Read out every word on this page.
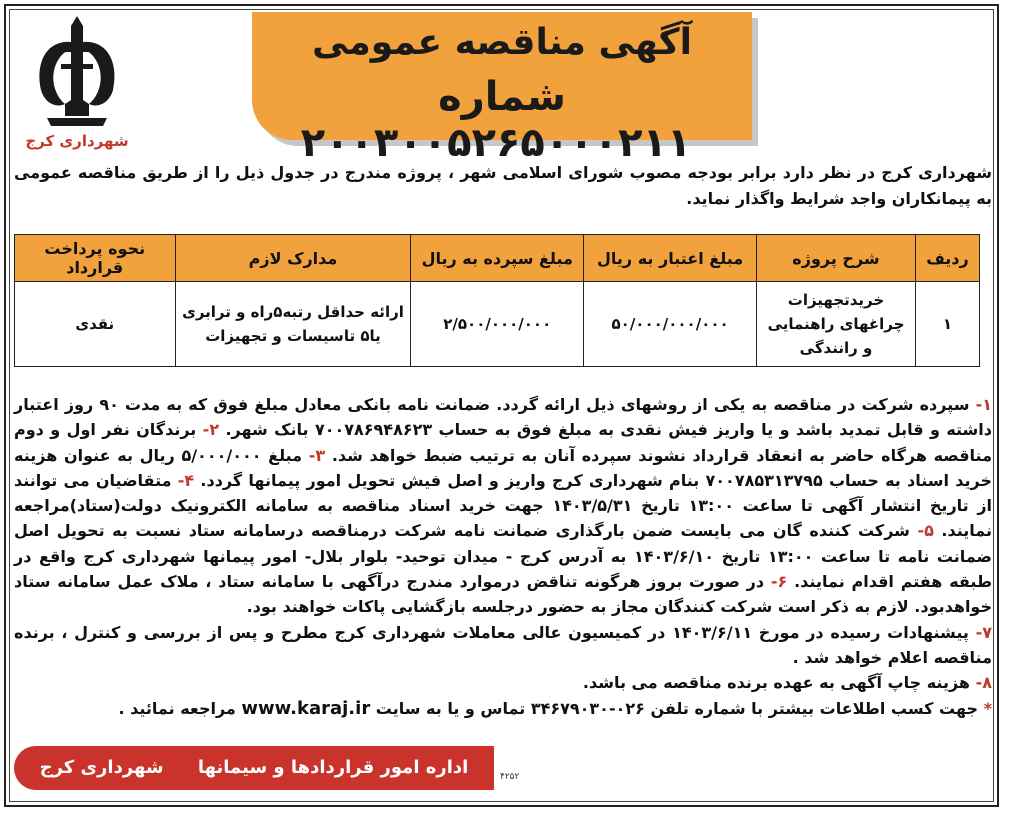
شهرداری کرج
آگهی مناقصه عمومی
شماره ۲۰۰۳۰۰۵۲۶۵۰۰۰۲۱۱
شهرداری کرج در نظر دارد برابر بودجه مصوب شورای اسلامی شهر ، پروژه مندرج در جدول ذیل را از طریق مناقصه عمومی به پیمانکاران واجد شرایط واگذار نماید.
ردیف	شرح پروژه	مبلغ اعتبار به ریال	مبلغ سپرده به ریال	مدارک لازم	نحوه پرداخت قرارداد
۱	خریدتجهیزات چراغهای راهنمایی و رانندگی	۵۰/۰۰۰/۰۰۰/۰۰۰	۲/۵۰۰/۰۰۰/۰۰۰	ارائه حداقل رتبه۵راه و ترابری یا۵ تاسیسات و تجهیزات	نقدی

۱- سپرده شرکت در مناقصه به یکی از روشهای ذیل ارائه گردد. ضمانت نامه بانکی معادل مبلغ فوق که به مدت ۹۰ روز اعتبار داشته و قابل تمدید باشد و یا واریز فیش نقدی به مبلغ فوق به حساب ۷۰۰۷۸۶۹۴۸۶۲۳ بانک شهر. ۲- برندگان نفر اول و دوم مناقصه هرگاه حاضر به انعقاد قرارداد نشوند سپرده آنان به ترتیب ضبط خواهد شد. ۳- مبلغ ۵/۰۰۰/۰۰۰ ریال به عنوان هزینه خرید اسناد به حساب ۷۰۰۷۸۵۳۱۳۷۹۵ بنام شهرداری کرج واریز و اصل فیش تحویل امور پیمانها گردد. ۴- متقاضیان می توانند از تاریخ انتشار آگهی تا ساعت ۱۳:۰۰ تاریخ ۱۴۰۳/۵/۳۱ جهت خرید اسناد مناقصه به سامانه الکترونیک دولت(ستاد)مراجعه نمایند. ۵- شرکت کننده گان می بایست ضمن بارگذاری ضمانت نامه شرکت درمناقصه درسامانه ستاد نسبت به تحویل اصل ضمانت نامه تا ساعت ۱۳:۰۰ تاریخ ۱۴۰۳/۶/۱۰ به آدرس کرج - میدان توحید- بلوار بلال- امور پیمانها شهرداری کرج واقع در طبقه هفتم اقدام نمایند. ۶- در صورت بروز هرگونه تناقض درموارد مندرج درآگهی با سامانه ستاد ، ملاک عمل سامانه ستاد خواهدبود. لازم به ذکر است شرکت کنندگان مجاز به حضور درجلسه بازگشایی پاکات خواهند بود.

۷- پیشنهادات رسیده در مورخ ۱۴۰۳/۶/۱۱ در کمیسیون عالی معاملات شهرداری کرج مطرح و پس از بررسی و کنترل ، برنده مناقصه اعلام خواهد شد .

۸- هزینه چاپ آگهی به عهده برنده مناقصه می باشد.

* جهت کسب اطلاعات بیشتر با شماره تلفن ۰۲۶-۳۴۶۷۹۰۳۰ تماس و یا به سایت www.karaj.ir مراجعه نمائید .

اداره امور قراردادها و سیمانها شهرداری کرج	۴۲۵۲
